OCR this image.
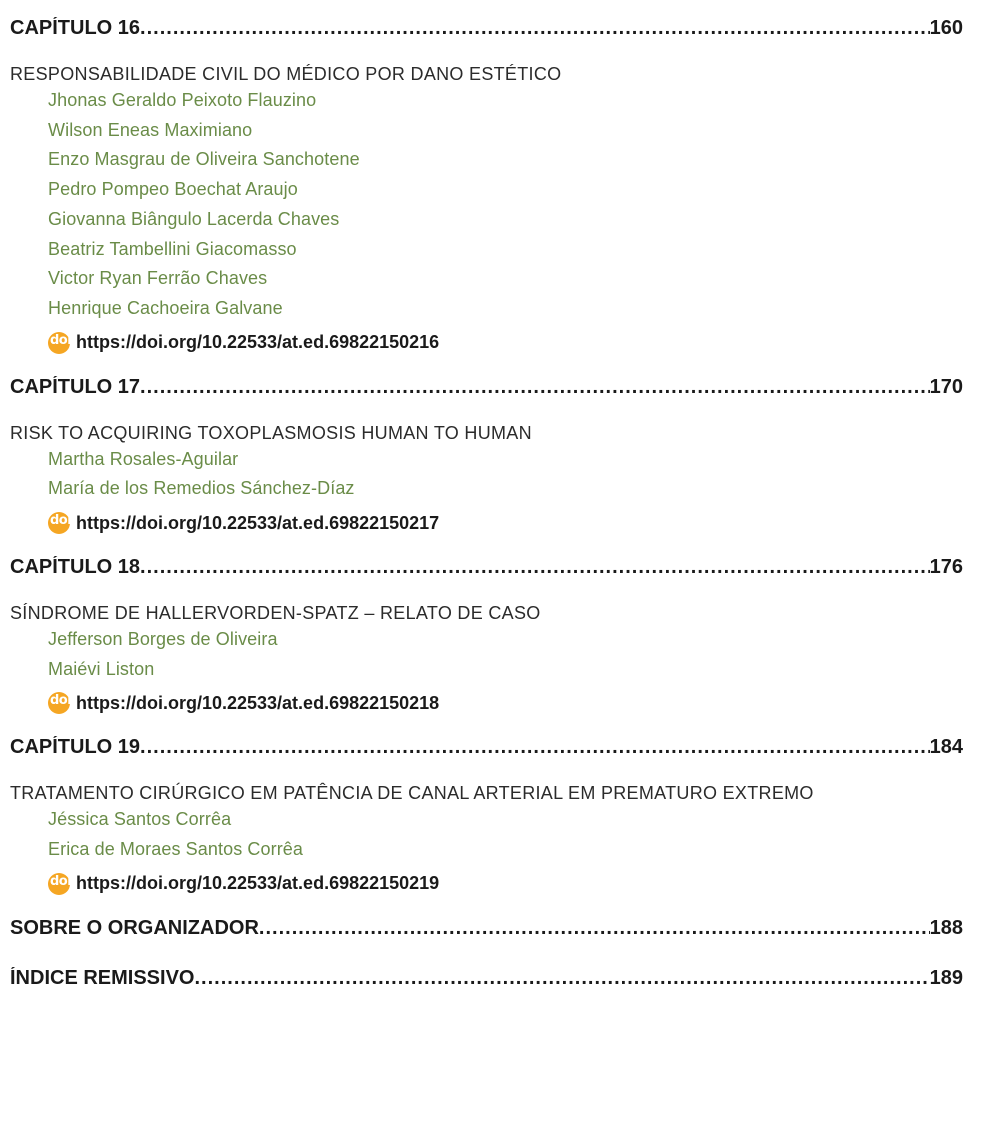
CAPÍTULO 16 .....	160
RESPONSABILIDADE CIVIL DO MÉDICO POR DANO ESTÉTICO
Jhonas Geraldo Peixoto Flauzino
Wilson Eneas Maximiano
Enzo Masgrau de Oliveira Sanchotene
Pedro Pompeo Boechat Araujo
Giovanna Biângulo Lacerda Chaves
Beatriz Tambellini Giacomasso
Victor Ryan Ferrão Chaves
Henrique Cachoeira Galvane
doi https://doi.org/10.22533/at.ed.69822150216
CAPÍTULO 17 .....	170
RISK TO ACQUIRING TOXOPLASMOSIS HUMAN TO HUMAN
Martha Rosales-Aguilar
María de los Remedios Sánchez-Díaz
doi https://doi.org/10.22533/at.ed.69822150217
CAPÍTULO 18 .....	176
SÍNDROME DE HALLERVORDEN-SPATZ – RELATO DE CASO
Jefferson Borges de Oliveira
Maiévi Liston
doi https://doi.org/10.22533/at.ed.69822150218
CAPÍTULO 19 .....	184
TRATAMENTO CIRÚRGICO EM PATÊNCIA DE CANAL ARTERIAL EM PREMATURO EXTREMO
Jéssica Santos Corrêa
Erica de Moraes Santos Corrêa
doi https://doi.org/10.22533/at.ed.69822150219
SOBRE O ORGANIZADOR .....	188
ÍNDICE REMISSIVO .....	189
